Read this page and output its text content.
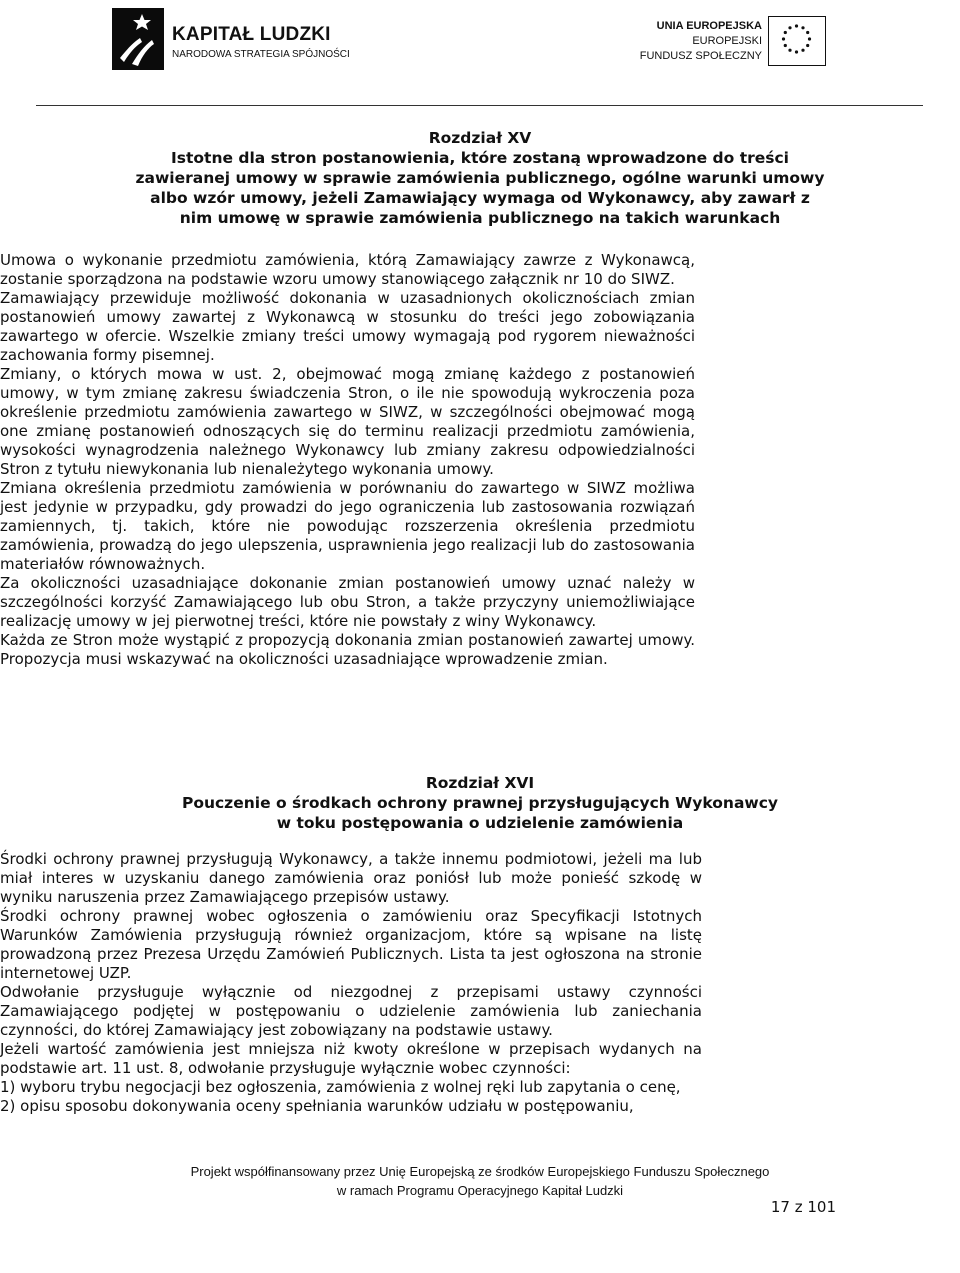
KAPITAŁ LUDZKI
NARODOWA STRATEGIA SPÓJNOŚCI
UNIA EUROPEJSKA
EUROPEJSKI
FUNDUSZ SPOŁECZNY

Rozdział XV

Istotne dla stron postanowienia, które zostaną wprowadzone do treści

zawieranej umowy w sprawie zamówienia publicznego, ogólne warunki umowy

albo wzór umowy, jeżeli Zamawiający wymaga od Wykonawcy, aby zawarł z

nim umowę w sprawie zamówienia publicznego na takich warunkach

Umowa o wykonanie przedmiotu zamówienia, którą Zamawiający zawrze z Wykonawcą, zostanie sporządzona na podstawie wzoru umowy stanowiącego załącznik nr 10 do SIWZ.
Zamawiający przewiduje możliwość dokonania w uzasadnionych okolicznościach zmian postanowień umowy zawartej z Wykonawcą w stosunku do treści jego zobowiązania zawartego w ofercie. Wszelkie zmiany treści umowy wymagają pod rygorem nieważności zachowania formy pisemnej.
Zmiany, o których mowa w ust. 2, obejmować mogą zmianę każdego z postanowień umowy, w tym zmianę zakresu świadczenia Stron, o ile nie spowodują wykroczenia poza określenie przedmiotu zamówienia zawartego w SIWZ, w szczególności obejmować mogą one zmianę postanowień odnoszących się do terminu realizacji przedmiotu zamówienia, wysokości wynagrodzenia należnego Wykonawcy lub zmiany zakresu odpowiedzialności Stron z tytułu niewykonania lub nienależytego wykonania umowy.
Zmiana określenia przedmiotu zamówienia w porównaniu do zawartego w SIWZ możliwa jest jedynie w przypadku, gdy prowadzi do jego ograniczenia lub zastosowania rozwiązań zamiennych, tj. takich, które nie powodując rozszerzenia określenia przedmiotu zamówienia, prowadzą do jego ulepszenia, usprawnienia jego realizacji lub do zastosowania materiałów równoważnych.
Za okoliczności uzasadniające dokonanie zmian postanowień umowy uznać należy w szczególności korzyść Zamawiającego lub obu Stron, a także przyczyny uniemożliwiające realizację umowy w jej pierwotnej treści, które nie powstały z winy Wykonawcy.
Każda ze Stron może wystąpić z propozycją dokonania zmian postanowień zawartej umowy. Propozycja musi wskazywać na okoliczności uzasadniające wprowadzenie zmian.

Rozdział XVI

Pouczenie o środkach ochrony prawnej przysługujących Wykonawcy

w toku postępowania o udzielenie zamówienia

Środki ochrony prawnej przysługują Wykonawcy, a także innemu podmiotowi, jeżeli ma lub miał interes w uzyskaniu danego zamówienia oraz poniósł lub może ponieść szkodę w wyniku naruszenia przez Zamawiającego przepisów ustawy.
Środki ochrony prawnej wobec ogłoszenia o zamówieniu oraz Specyfikacji Istotnych Warunków Zamówienia przysługują również organizacjom, które są wpisane na listę prowadzoną przez Prezesa Urzędu Zamówień Publicznych. Lista ta jest ogłoszona na stronie internetowej UZP.
Odwołanie przysługuje wyłącznie od niezgodnej z przepisami ustawy czynności Zamawiającego podjętej w postępowaniu o udzielenie zamówienia lub zaniechania czynności, do której Zamawiający jest zobowiązany na podstawie ustawy.
Jeżeli wartość zamówienia jest mniejsza niż kwoty określone w przepisach wydanych na podstawie art. 11 ust. 8, odwołanie przysługuje wyłącznie wobec czynności:

1) wyboru trybu negocjacji bez ogłoszenia, zamówienia z wolnej ręki lub zapytania o cenę,

2) opisu sposobu dokonywania oceny spełniania warunków udziału w postępowaniu,

Projekt współfinansowany przez Unię Europejską ze środków Europejskiego Funduszu Społecznego
w ramach Programu Operacyjnego Kapitał Ludzki
17 z 101
